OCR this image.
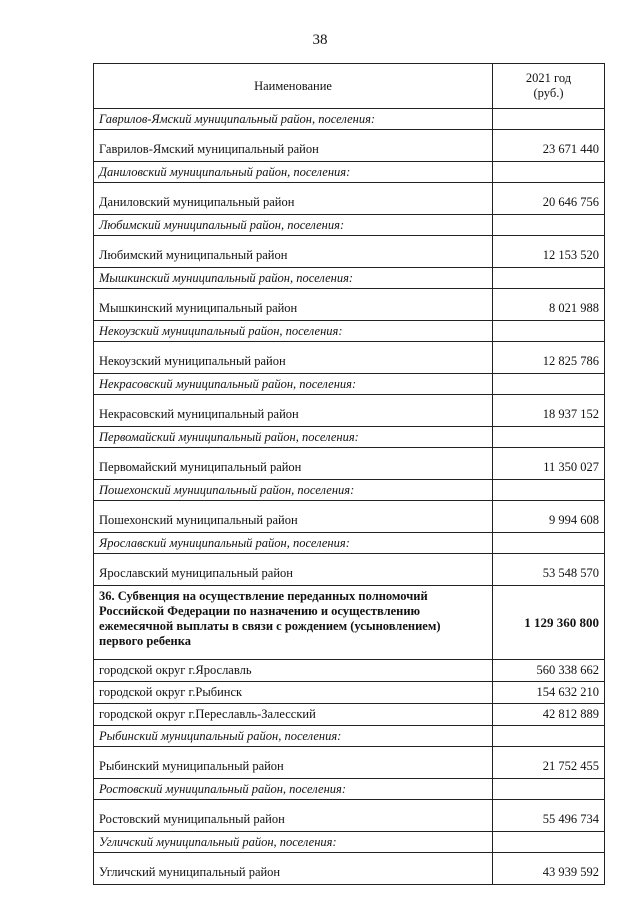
38
Наименование	2021 год
(руб.)

Гаврилов-Ямский муниципальный район, поселения:	
Гаврилов-Ямский муниципальный район	23 671 440
Даниловский муниципальный район, поселения:	
Даниловский муниципальный район	20 646 756
Любимский муниципальный район, поселения:	
Любимский муниципальный район	12 153 520
Мышкинский муниципальный район, поселения:	
Мышкинский муниципальный район	8 021 988
Некоузский муниципальный район, поселения:	
Некоузский муниципальный район	12 825 786
Некрасовский муниципальный район, поселения:	
Некрасовский муниципальный район	18 937 152
Первомайский муниципальный район, поселения:	
Первомайский муниципальный район	11 350 027
Пошехонский муниципальный район, поселения:	
Пошехонский муниципальный район	9 994 608
Ярославский муниципальный район, поселения:	
Ярославский муниципальный район	53 548 570
36. Субвенция на осуществление переданных полномочий Российской Федерации по назначению и осуществлению ежемесячной выплаты в связи с рождением (усыновлением) первого ребенка	1 129 360 800
городской округ г.Ярославль	560 338 662
городской округ г.Рыбинск	154 632 210
городской округ г.Переславль-Залесский	42 812 889
Рыбинский муниципальный район, поселения:	
Рыбинский муниципальный район	21 752 455
Ростовский муниципальный район, поселения:	
Ростовский муниципальный район	55 496 734
Угличский муниципальный район, поселения:	
Угличский муниципальный район	43 939 592
